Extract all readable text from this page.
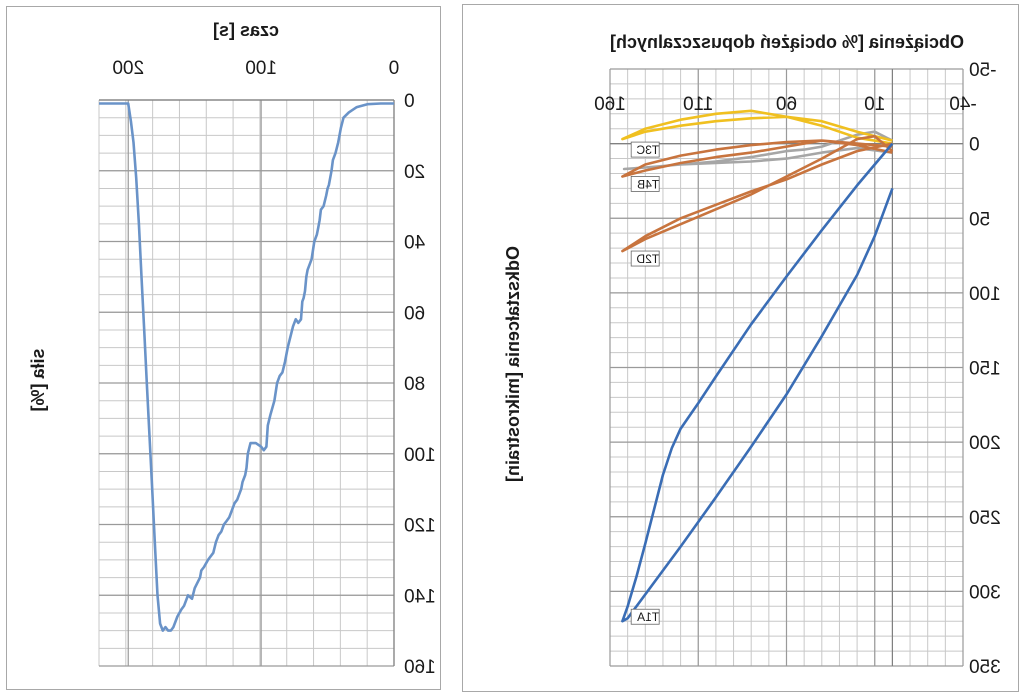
T1A
T2D
T4B
T3C
-40
10
60
110
160
-50
0
50
100
150
200
250
300
350
Obciążenia [% obciążeń dopuszczalnych]
Odkształcenia [mikrostrain]
0
100
200
0
20
40
60
80
100
120
140
160
czas [s]
siła [%]
